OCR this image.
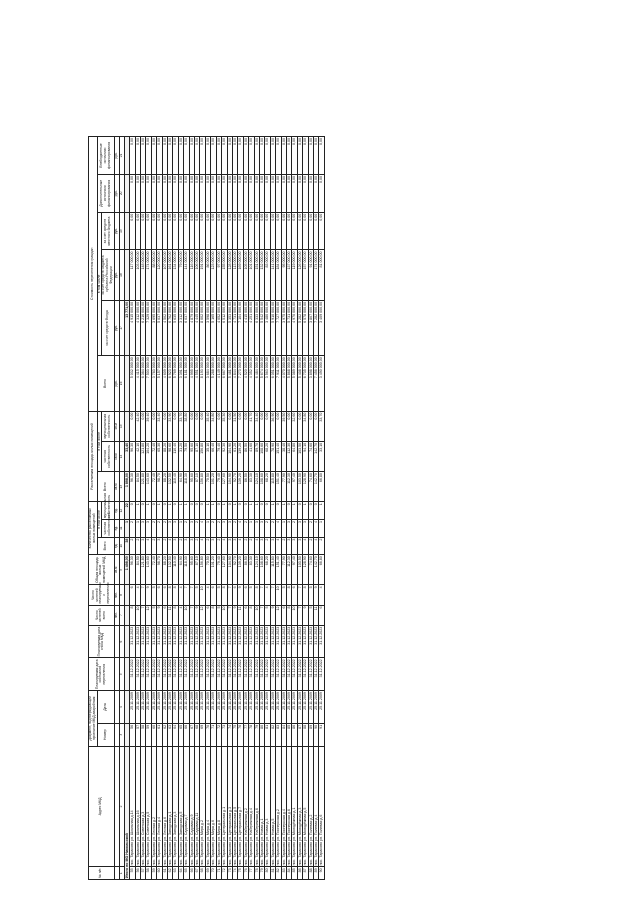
№ п/п	Адрес МКД	Документ, подтверждающий признание МКД аварийным		Планируемая дата окончания переселения	Планируемая дата сноса МКД	Число жителей всего	Число жителей планируемых к переселению	Общая площадь жилых помещений МКД	Количество расселяемых жилых помещений			Расселяемая площадь жилых помещений			Стоимость переселения граждан					
		Номер	Дата						Всего	в том числе		Всего	в том числе		Всего	в том числе			Дополнительные источники финансирования	Внебюджетные источники финансирования
										частная собственность	муниципальная собственность		частная собственность	муниципальная собственность		за счет средств Фонда	за счет средств бюджета субъекта Российской Федерации	за счет средств местного бюджета		
						чел.	чел.	кв.м	ед.	ед.	ед.	кв.м	кв.м	кв.м	руб.	руб.	руб.	руб.	руб.	руб.
1	2	3	4	5	6	7	8	9	10	11	12	13	14	15	16	17	18	19	20	21
Итого по МО Никольский								1 498,00	38	1	22	1 898,00	33,40			13 771,00				
55	пос. Тарасово ул. Школьная д.14	56	25.11.2009	31.12.2022	31.12.2023	8	6	96,30	2	2	0	96,30	96,30	0,00	5 032 000,00	4 915 000,00	117 000,00	0,00	0,00	0,00
56	пос. Тарасово ул. Школьная д.16	57	25.11.2009	31.12.2022	31.12.2023	10	4	84,50	2	1	1	84,50	42,10	42,40	4 415 000,00	4 312 000,00	103 000,00	0,00	0,00	0,00
57	пос. Тарасово ул. Советская д.3	58	25.11.2009	31.12.2022	31.12.2023	7	7	121,80	3	3	0	121,80	121,80	0,00	6 364 000,00	6 216 000,00	148 000,00	0,00	0,00	0,00
58	пос. Тарасово ул. Советская д.5	59	25.11.2009	31.12.2022	31.12.2023	12	9	143,60	4	3	1	143,60	104,20	39,40	7 503 000,00	7 329 000,00	174 000,00	0,00	0,00	0,00
59	пос. Тарасово ул. Лесная д.2	60	25.11.2009	31.12.2022	31.12.2023	5	5	72,40	2	2	0	72,40	72,40	0,00	3 783 000,00	3 695 000,00	88 000,00	0,00	0,00	0,00
60	пос. Тарасово ул. Лесная д.4	61	25.11.2009	31.12.2022	31.12.2023	9	6	98,70	3	2	1	98,70	65,30	33,40	5 157 000,00	5 037 000,00	120 000,00	0,00	0,00	0,00
61	пос. Тарасово ул. Лесная д.6	62	25.11.2009	31.12.2022	31.12.2023	6	6	88,20	2	2	0	88,20	88,20	0,00	4 609 000,00	4 502 000,00	107 000,00	0,00	0,00	0,00
62	пос. Тарасово ул. Заводская д.1	63	25.11.2009	31.12.2022	31.12.2023	11	8	132,50	4	3	1	132,50	98,60	33,90	6 923 000,00	6 762 000,00	161 000,00	0,00	0,00	0,00
63	пос. Тарасово ул. Заводская д.3	64	25.11.2009	31.12.2022	31.12.2023	8	8	110,40	3	3	0	110,40	110,40	0,00	5 769 000,00	5 635 000,00	134 000,00	0,00	0,00	0,00
64	пос. Тарасово ул. Заводская д.5	65	25.11.2009	31.12.2022	31.12.2023	4	4	64,90	2	1	1	64,90	31,20	33,70	3 391 000,00	3 312 000,00	79 000,00	0,00	0,00	0,00
65	пос. Тарасово ул. Садовая д.7	66	25.11.2009	31.12.2022	31.12.2023	10	7	118,30	3	2	1	118,30	79,50	38,80	6 181 000,00	6 037 000,00	144 000,00	0,00	0,00	0,00
66	пос. Тарасово ул. Садовая д.9	67	25.11.2009	31.12.2022	31.12.2023	7	7	95,60	3	3	0	95,60	95,60	0,00	4 995 000,00	4 879 000,00	116 000,00	0,00	0,00	0,00
67	пос. Тарасово ул. Садовая д.11	68	25.11.2009	31.12.2022	31.12.2023	9	5	87,10	2	2	0	87,10	87,10	0,00	4 551 000,00	4 445 000,00	106 000,00	0,00	0,00	0,00
68	пос. Тарасово ул. Мира д.2	69	25.11.2009	31.12.2022	31.12.2023	12	10	156,80	4	4	0	156,80	156,80	0,00	8 193 000,00	8 002 000,00	191 000,00	0,00	0,00	0,00
69	пос. Тарасово ул. Мира д.4	70	25.11.2009	31.12.2022	31.12.2023	6	4	70,50	2	1	1	70,50	35,10	35,40	3 684 000,00	3 598 000,00	86 000,00	0,00	0,00	0,00
70	пос. Тарасово ул. Мира д.6	71	25.11.2009	31.12.2022	31.12.2023	8	6	101,20	3	2	1	101,20	66,40	34,80	5 288 000,00	5 165 000,00	123 000,00	0,00	0,00	0,00
71	пос. Тарасово ул. Мира д.8	72	25.11.2009	31.12.2022	31.12.2023	5	5	79,40	2	2	0	79,40	79,40	0,00	4 149 000,00	4 052 000,00	97 000,00	0,00	0,00	0,00
72	пос. Тарасово ул. Центральная д.1	73	25.11.2009	31.12.2022	31.12.2023	10	8	127,60	4	3	1	127,60	92,30	35,30	6 667 000,00	6 512 000,00	155 000,00	0,00	0,00	0,00
73	пос. Тарасово ул. Центральная д.3	74	25.11.2009	31.12.2022	31.12.2023	7	7	104,90	3	3	0	104,90	104,90	0,00	5 481 000,00	5 353 000,00	128 000,00	0,00	0,00	0,00
74	пос. Тарасово ул. Центральная д.5	75	25.11.2009	31.12.2022	31.12.2023	9	6	92,70	3	2	1	92,70	61,20	31,50	4 844 000,00	4 731 000,00	113 000,00	0,00	0,00	0,00
75	пос. Тарасово ул. Центральная д.7	76	25.11.2009	31.12.2022	31.12.2023	11	9	139,20	4	4	0	139,20	139,20	0,00	7 273 000,00	7 104 000,00	169 000,00	0,00	0,00	0,00
76	пос. Тарасово ул. Набережная д.2	77	25.11.2009	31.12.2022	31.12.2023	6	6	86,50	2	2	0	86,50	86,50	0,00	4 520 000,00	4 415 000,00	105 000,00	0,00	0,00	0,00
77	пос. Тарасово ул. Набережная д.4	78	25.11.2009	31.12.2022	31.12.2023	8	5	83,30	2	1	1	83,30	41,60	41,70	4 352 000,00	4 251 000,00	101 000,00	0,00	0,00	0,00
78	пос. Тарасово ул. Набережная д.6	79	25.11.2009	31.12.2022	31.12.2023	10	8	124,10	4	3	1	124,10	89,70	34,40	6 484 000,00	6 333 000,00	151 000,00	0,00	0,00	0,00
79	пос. Тарасово ул. Новая д.1	80	25.11.2009	31.12.2022	31.12.2023	7	7	108,60	3	3	0	108,60	108,60	0,00	5 674 000,00	5 542 000,00	132 000,00	0,00	0,00	0,00
80	пос. Тарасово ул. Новая д.3	81	25.11.2009	31.12.2022	31.12.2023	5	4	68,20	2	2	0	68,20	68,20	0,00	3 563 000,00	3 480 000,00	83 000,00	0,00	0,00	0,00
81	пос. Тарасово ул. Новая д.5	82	25.11.2009	31.12.2022	31.12.2023	9	7	115,80	3	2	1	115,80	78,90	36,90	6 051 000,00	5 910 000,00	141 000,00	0,00	0,00	0,00
82	пос. Тарасово ул. Пионерская д.2	83	25.11.2009	31.12.2022	31.12.2023	12	10	151,40	4	4	0	151,40	151,40	0,00	7 911 000,00	7 727 000,00	184 000,00	0,00	0,00	0,00
83	пос. Тарасово ул. Пионерская д.4	84	25.11.2009	31.12.2022	31.12.2023	6	5	77,90	2	1	1	77,90	38,40	39,50	4 070 000,00	3 975 000,00	95 000,00	0,00	0,00	0,00
84	пос. Тарасово ул. Пионерская д.6	85	25.11.2009	31.12.2022	31.12.2023	8	8	112,30	3	3	0	112,30	112,30	0,00	5 868 000,00	5 731 000,00	137 000,00	0,00	0,00	0,00
85	пос. Тарасово ул. Молодёжная д.1	86	25.11.2009	31.12.2022	31.12.2023	10	6	97,40	3	2	1	97,40	64,80	32,60	5 089 000,00	4 970 000,00	119 000,00	0,00	0,00	0,00
86	пос. Тарасово ул. Молодёжная д.3	87	25.11.2009	31.12.2022	31.12.2023	7	7	103,50	3	3	0	103,50	103,50	0,00	5 408 000,00	5 282 000,00	126 000,00	0,00	0,00	0,00
87	пос. Тарасово ул. Молодёжная д.5	88	25.11.2009	31.12.2022	31.12.2023	9	8	128,90	4	3	1	128,90	94,10	34,80	6 735 000,00	6 578 000,00	157 000,00	0,00	0,00	0,00
88	пос. Тарасово ул. Полевая д.2	89	25.11.2009	31.12.2022	31.12.2023	5	5	74,60	2	2	0	74,60	74,60	0,00	3 898 000,00	3 807 000,00	91 000,00	0,00	0,00	0,00
89	пос. Тарасово ул. Полевая д.4	90	25.11.2009	31.12.2022	31.12.2023	11	9	142,70	4	4	0	142,70	142,70	0,00	7 456 000,00	7 282 000,00	174 000,00	0,00	0,00	0,00
90	пос. Тарасово ул. Полевая д.6	91	25.11.2009	31.12.2022	31.12.2023	6	4	66,80	2	1	1	66,80	33,10	33,70	3 490 000,00	3 409 000,00	81 000,00	0,00	0,00	0,00
